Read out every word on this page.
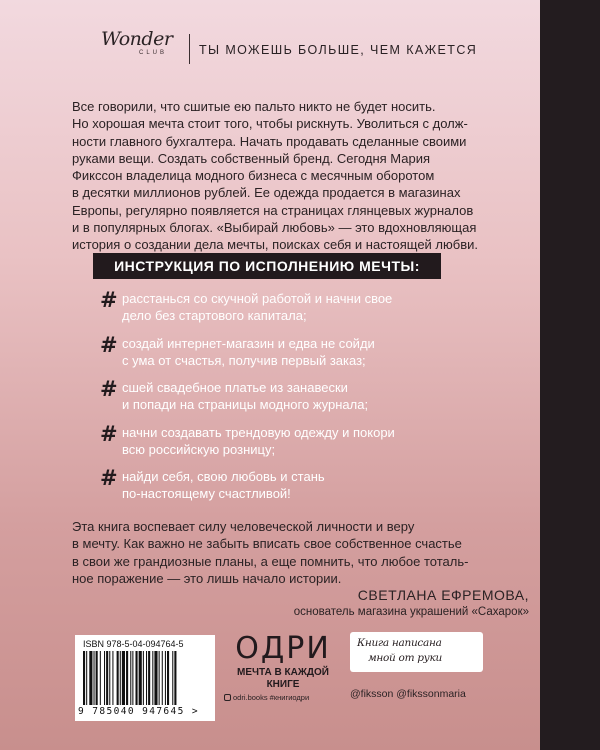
Wonder
CLUB	ТЫ МОЖЕШЬ БОЛЬШЕ, ЧЕМ КАЖЕТСЯ

Все говорили, что сшитые ею пальто никто не будет носить.

Но хорошая мечта стоит того, чтобы рискнуть. Уволиться с долж-

ности главного бухгалтера. Начать продавать сделанные своими

руками вещи. Создать собственный бренд. Сегодня Мария

Фиксcон владелица модного бизнеса с месячным оборотом

в десятки миллионов рублей. Ее одежда продается в магазинах

Европы, регулярно появляется на страницах глянцевых журналов

и в популярных блогах. «Выбирай любовь» — это вдохновляющая

история о создании дела мечты, поисках себя и настоящей любви.

ИНСТРУКЦИЯ ПО ИСПОЛНЕНИЮ МЕЧТЫ:
# расстанься со скучной работой и начни свое
дело без стартового капитала;
# создай интернет-магазин и едва не сойди
с ума от счастья, получив первый заказ;
# сшей свадебное платье из занавески
и попади на страницы модного журнала;
# начни создавать трендовую одежду и покори
всю российскую розницу;
# найди себя, свою любовь и стань
по-настоящему счастливой!

Эта книга воспевает силу человеческой личности и веру

в мечту. Как важно не забыть вписать свое собственное счастье

в свои же грандиозные планы, а еще помнить, что любое тоталь-

ное поражение — это лишь начало истории.

СВЕТЛАНА ЕФРЕМОВА,
основатель магазина украшений «Сахарок»
ISBN 978-5-04-094764-5
9 785040 947645 >
ОДРИ
МЕЧТА В КАЖДОЙ
КНИГЕ
odri.books #книгиодри
Книга написана
мной от руки
@fiksson @fikssonmaria
